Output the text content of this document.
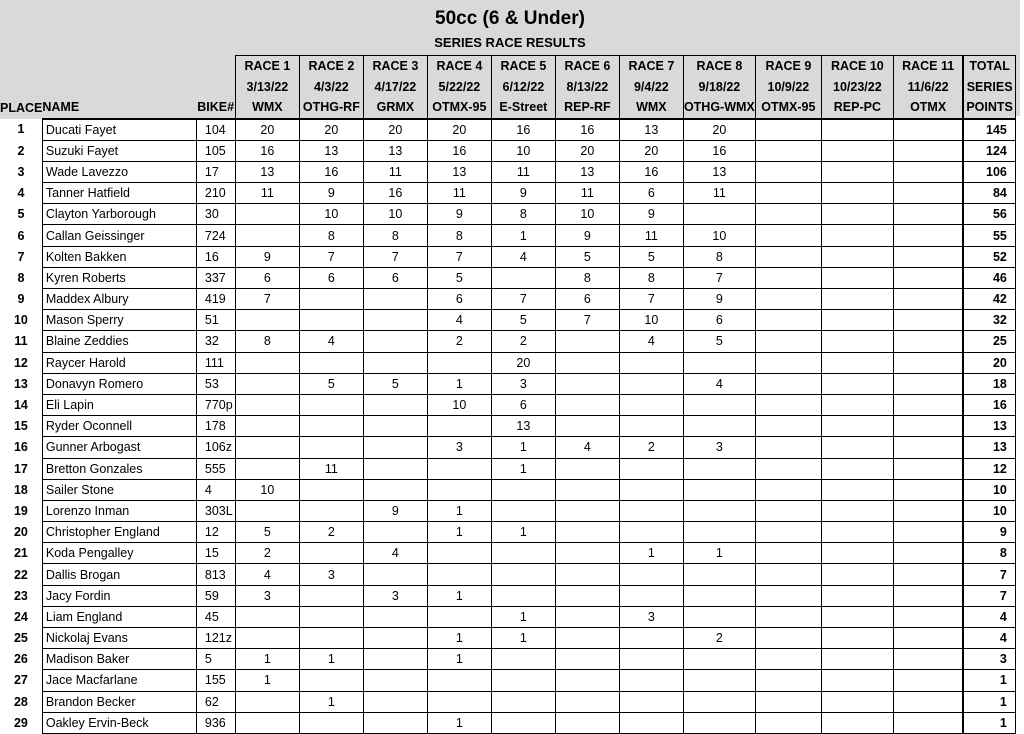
50cc (6 & Under)
SERIES RACE RESULTS
			RACE 1	RACE 2	RACE 3	RACE 4	RACE 5	RACE 6	RACE 7	RACE 8	RACE 9	RACE 10	RACE 11	TOTAL
			3/13/22	4/3/22	4/17/22	5/22/22	6/12/22	8/13/22	9/4/22	9/18/22	10/9/22	10/23/22	11/6/22	SERIES
PLACE	NAME	BIKE#	WMX	OTHG-RF	GRMX	OTMX-95	E-Street	REP-RF	WMX	OTHG-WMX	OTMX-95	REP-PC	OTMX	POINTS
1	Ducati Fayet	104	20	20	20	20	16	16	13	20				145
2	Suzuki Fayet	105	16	13	13	16	10	20	20	16				124
3	Wade Lavezzo	17	13	16	11	13	11	13	16	13				106
4	Tanner Hatfield	210	11	9	16	11	9	11	6	11				84
5	Clayton Yarborough	30		10	10	9	8	10	9					56
6	Callan Geissinger	724		8	8	8	1	9	11	10				55
7	Kolten Bakken	16	9	7	7	7	4	5	5	8				52
8	Kyren Roberts	337	6	6	6	5		8	8	7				46
9	Maddex Albury	419	7			6	7	6	7	9				42
10	Mason Sperry	51				4	5	7	10	6				32
11	Blaine Zeddies	32	8	4		2	2		4	5				25
12	Raycer Harold	111					20							20
13	Donavyn Romero	53		5	5	1	3			4				18
14	Eli Lapin	770p				10	6							16
15	Ryder Oconnell	178					13							13
16	Gunner Arbogast	106z				3	1	4	2	3				13
17	Bretton Gonzales	555		11			1							12
18	Sailer Stone	4	10											10
19	Lorenzo Inman	303L			9	1								10
20	Christopher England	12	5	2		1	1							9
21	Koda Pengalley	15	2		4				1	1				8
22	Dallis Brogan	813	4	3										7
23	Jacy Fordin	59	3		3	1								7
24	Liam England	45					1		3					4
25	Nickolaj Evans	121z				1	1			2				4
26	Madison Baker	5	1	1		1								3
27	Jace Macfarlane	155	1											1
28	Brandon Becker	62		1										1
29	Oakley Ervin-Beck	936				1								1
